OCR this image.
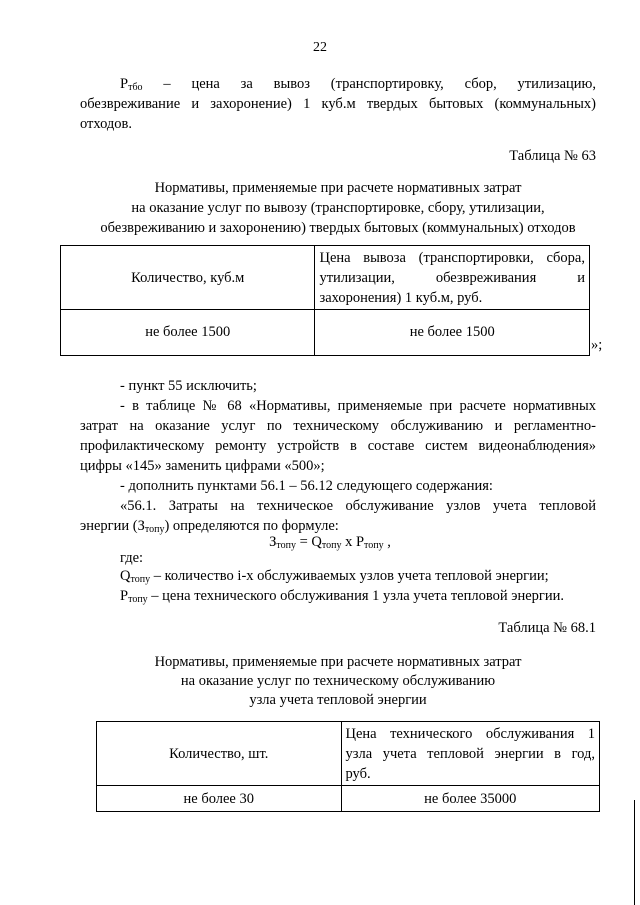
22
$P_{тбо}$ – цена за вывоз (транспортировку, сбор, утилизацию,
обезвреживание и захоронение) 1 куб.м твердых бытовых (коммунальных)
отходов.
Таблица № 63
Нормативы, применяемые при расчете нормативных затрат
на оказание услуг по вывозу (транспортировке, сбору, утилизации,
обезвреживанию и захоронению) твердых бытовых (коммунальных) отходов
Количество, куб.м	Цена вывоза (транспортировки, сбора,
утилизации, обезвреживания и
захоронения) 1 куб.м, руб.

не более 1500	не более 1500
»;
- пункт 55 исключить;
- в таблице № 68 «Нормативы, применяемые при расчете нормативных
затрат на оказание услуг по техническому обслуживанию и регламентно-
профилактическому ремонту устройств в составе систем видеонаблюдения»
цифры «145» заменить цифрами «500»;
- дополнить пунктами 56.1 – 56.12 следующего содержания:
«56.1. Затраты на техническое обслуживание узлов учета тепловой
энергии $(З_{топу})$ определяются по формуле:
$З_{топу} = Q_{топу}$ x $P_{топу}$ ,
где:
$Q_{топу}$ – количество i-х обслуживаемых узлов учета тепловой энергии;
$P_{топу}$ – цена технического обслуживания 1 узла учета тепловой энергии.
Таблица № 68.1
Нормативы, применяемые при расчете нормативных затрат
на оказание услуг по техническому обслуживанию
узла учета тепловой энергии
Количество, шт.	Цена технического обслуживания 1
узла учета тепловой энергии в год,
руб.

не более 30	не более 35000
